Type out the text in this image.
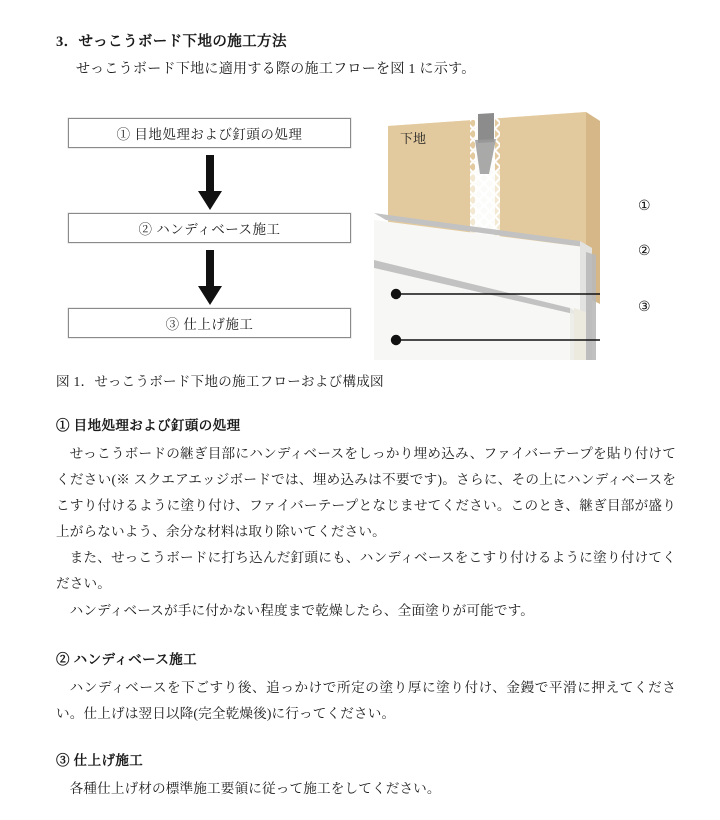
3．せっこうボード下地の施工方法
せっこうボード下地に適用する際の施工フローを図 1 に示す。
① 目地処理および釘頭の処理
② ハンディベース施工
③ 仕上げ施工
下地
①
②
③
図 1．せっこうボード下地の施工フローおよび構成図
① 目地処理および釘頭の処理

せっこうボードの継ぎ目部にハンディベースをしっかり埋め込み、ファイバーテープを貼り付けてください(※ スクエアエッジボードでは、埋め込みは不要です)。さらに、その上にハンディベースをこすり付けるように塗り付け、ファイバーテープとなじませてください。このとき、継ぎ目部が盛り上がらないよう、余分な材料は取り除いてください。

また、せっこうボードに打ち込んだ釘頭にも、ハンディベースをこすり付けるように塗り付けてください。

ハンディベースが手に付かない程度まで乾燥したら、全面塗りが可能です。

② ハンディベース施工

ハンディベースを下ごすり後、追っかけで所定の塗り厚に塗り付け、金鏝で平滑に押えてください。仕上げは翌日以降(完全乾燥後)に行ってください。

③ 仕上げ施工

各種仕上げ材の標準施工要領に従って施工をしてください。
